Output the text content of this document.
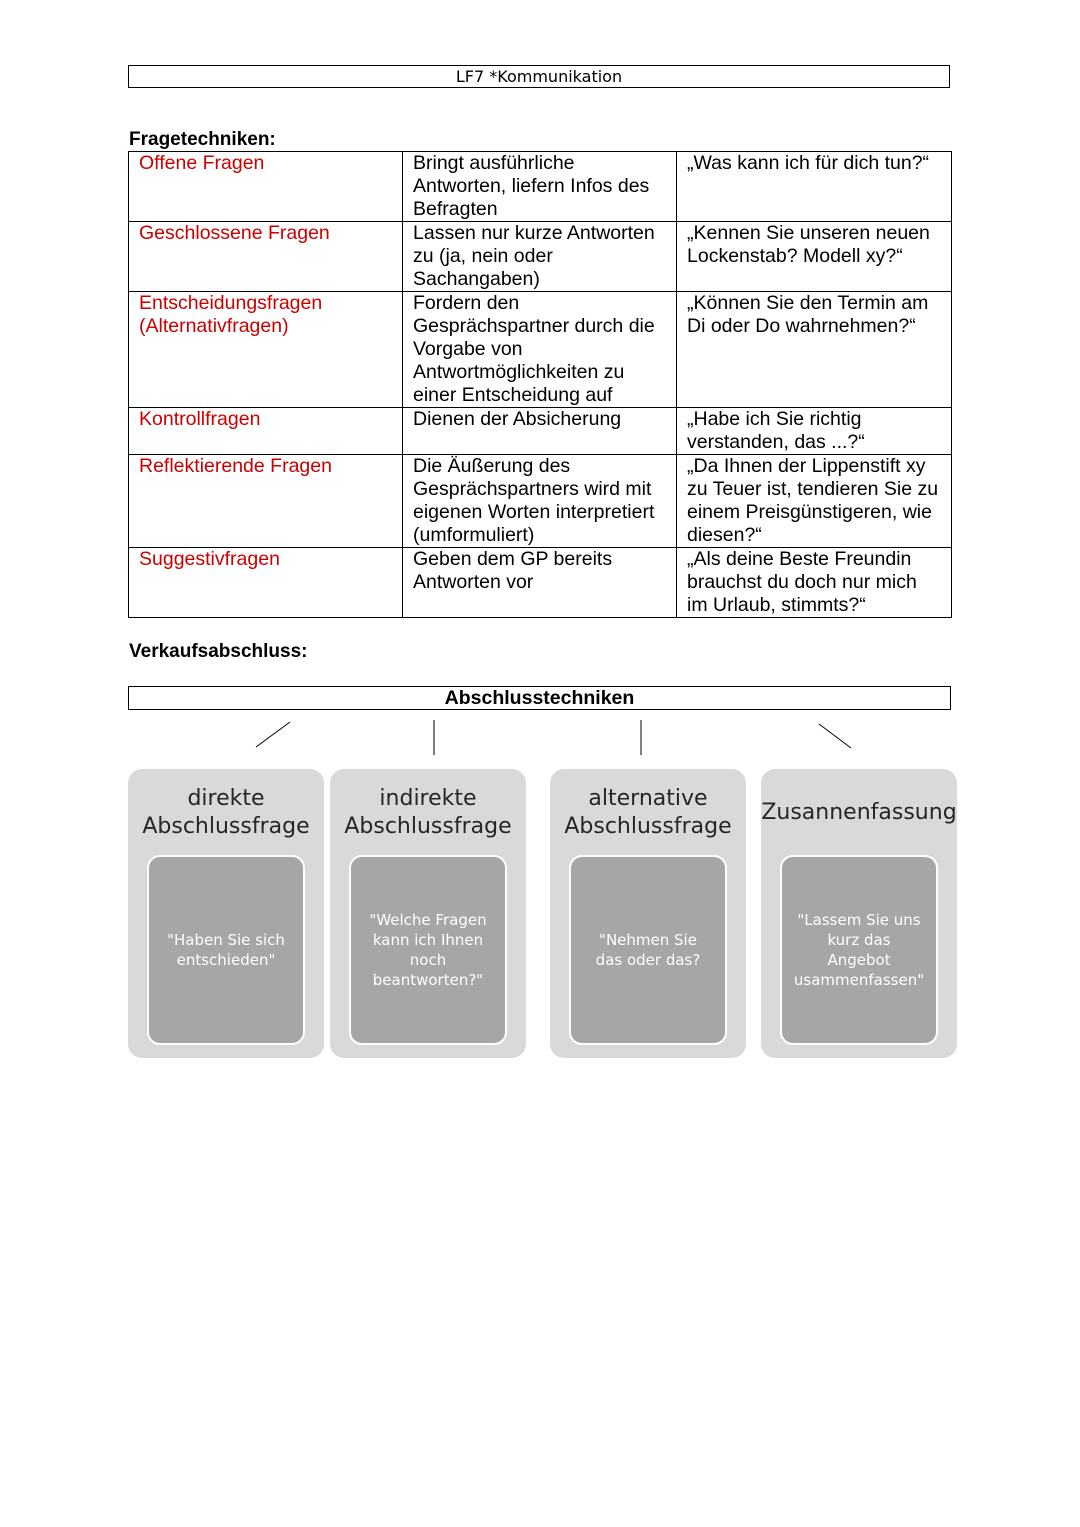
LF7 *Kommunikation
Fragetechniken:
Offene Fragen	Bringt ausführliche Antworten, liefern Infos des Befragten	„Was kann ich für dich tun?“
Geschlossene Fragen	Lassen nur kurze Antworten zu (ja, nein oder Sachangaben)	„Kennen Sie unseren neuen Lockenstab? Modell xy?“
Entscheidungsfragen (Alternativfragen)	Fordern den Gesprächspartner durch die Vorgabe von Antwortmöglichkeiten zu einer Entscheidung auf	„Können Sie den Termin am Di oder Do wahrnehmen?“
Kontrollfragen	Dienen der Absicherung	„Habe ich Sie richtig verstanden, das ...?“
Reflektierende Fragen	Die Äußerung des Gesprächspartners wird mit eigenen Worten interpretiert (umformuliert)	„Da Ihnen der Lippenstift xy zu Teuer ist, tendieren Sie zu einem Preisgünstigeren, wie diesen?“
Suggestivfragen	Geben dem GP bereits Antworten vor	„Als deine Beste Freundin brauchst du doch nur mich im Urlaub, stimmts?“
Verkaufsabschluss:
Abschlusstechniken
direkte Abschlussfrage
"Haben Sie sich entschieden"
indirekte Abschlussfrage
"Welche Fragen kann ich Ihnen noch beantworten?"
alternative Abschlussfrage
"Nehmen Sie das oder das?
Zusannenfassung
"Lassem Sie uns kurz das Angebot usammenfassen"
